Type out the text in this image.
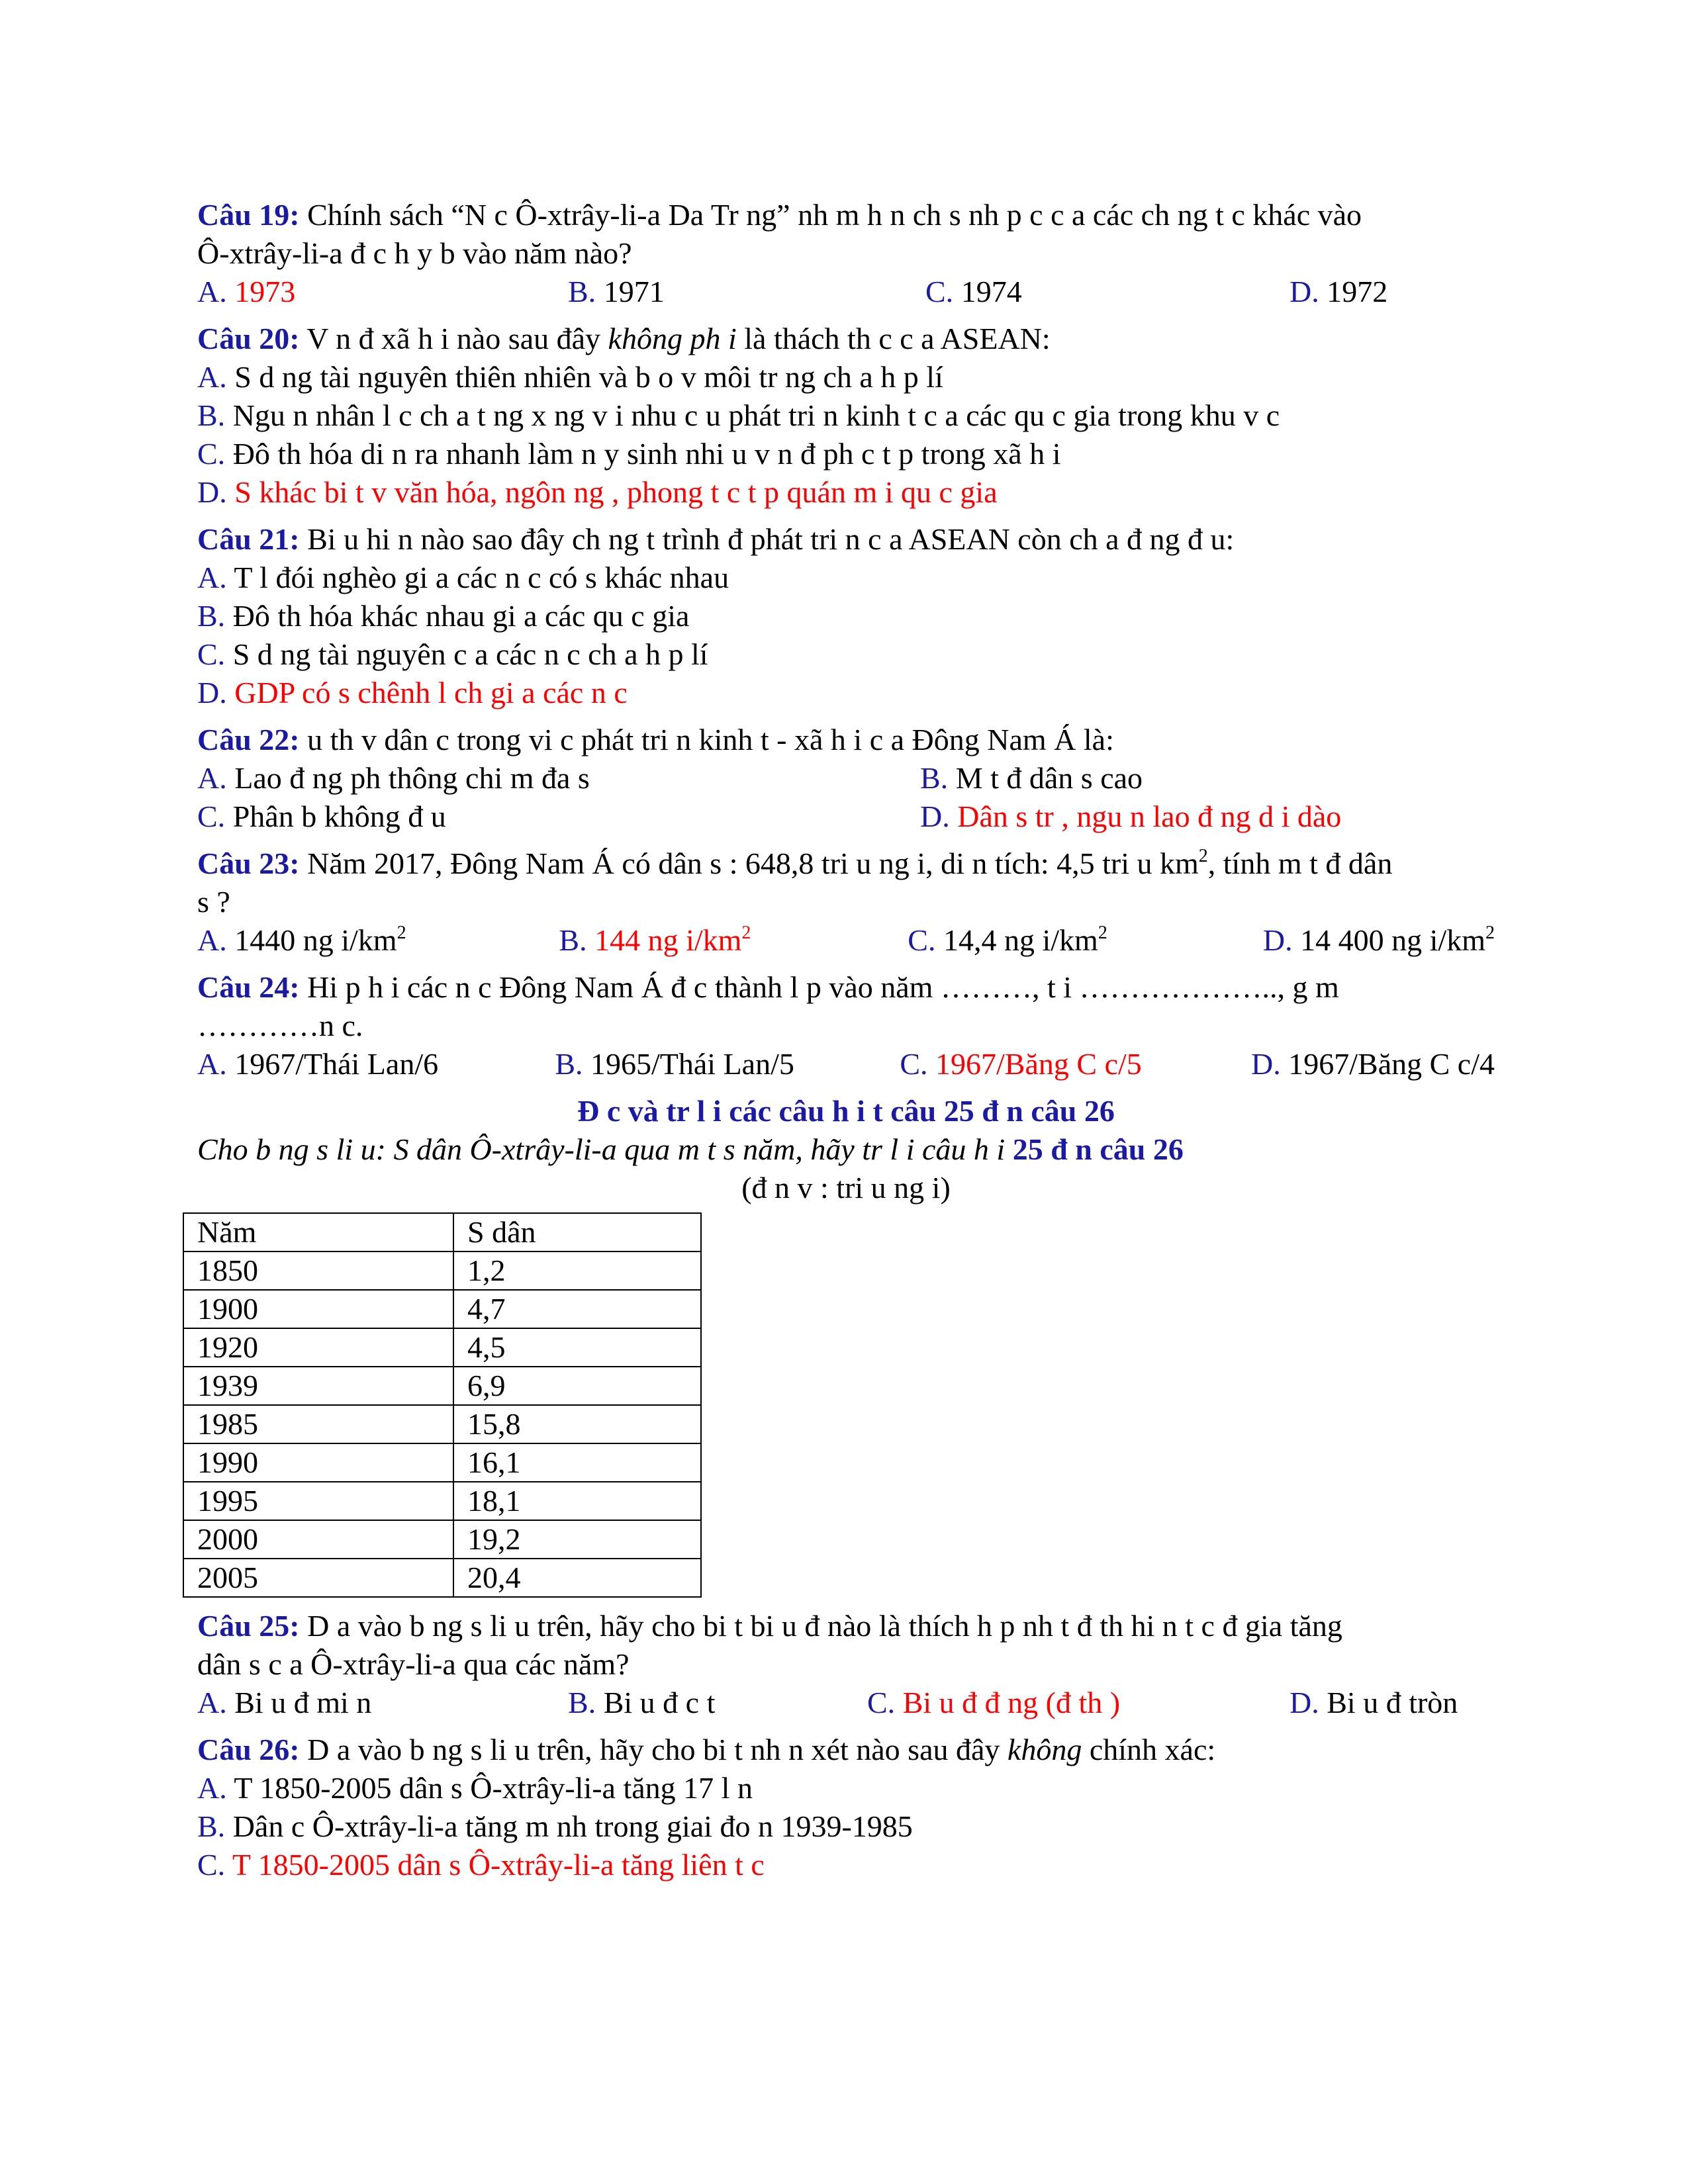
Câu 19: Chính sách “N c Ô-xtrây-li-a Da Tr ng” nh m h n ch s nh p c c a các ch ng t c khác vào
Ô-xtrây-li-a đ c h y b vào năm nào?
A. 1973	B. 1971	C. 1974	D. 1972
Câu 20: V n đ xã h i nào sau đây không ph i là thách th c c a ASEAN:
A. S d ng tài nguyên thiên nhiên và b o v môi tr ng ch a h p lí
B. Ngu n nhân l c ch a t ng x ng v i nhu c u phát tri n kinh t c a các qu c gia trong khu v c
C. Đô th hóa di n ra nhanh làm n y sinh nhi u v n đ ph c t p trong xã h i
D. S khác bi t v văn hóa, ngôn ng , phong t c t p quán m i qu c gia
Câu 21: Bi u hi n nào sao đây ch ng t trình đ phát tri n c a ASEAN còn ch a đ ng đ u:
A. T l đói nghèo gi a các n c có s khác nhau
B. Đô th hóa khác nhau gi a các qu c gia
C. S d ng tài nguyên c a các n c ch a h p lí
D. GDP có s chênh l ch gi a các n c
Câu 22: u th v dân c trong vi c phát tri n kinh t - xã h i c a Đông Nam Á là:
A. Lao đ ng ph thông chi m đa s	B. M t đ dân s cao
C. Phân b không đ u	D. Dân s tr , ngu n lao đ ng d i dào
Câu 23: Năm 2017, Đông Nam Á có dân s : 648,8 tri u ng i, di n tích: 4,5 tri u $km^2$, tính m t đ dân
s ?
A. 1440 ng $i/km^2$	B. 144 ng $i/km^2$	C. 14,4 ng $i/km^2$	D. 14 400 ng $i/km^2$
Câu 24: Hi p h i các n c Đông Nam Á đ c thành l p vào năm ………, t i ……………….., g m
…………n c.
A. 1967/Thái Lan/6	B. 1965/Thái Lan/5	C. 1967/Băng C c/5	D. 1967/Băng C c/4
Đ c và tr l i các câu h i t câu 25 đ n câu 26
Cho b ng s li u: S dân Ô-xtrây-li-a qua m t s năm, hãy tr l i câu h i 25 đ n câu 26
(đ n v : tri u ng i)
Năm	S dân
1850	1,2
1900	4,7
1920	4,5
1939	6,9
1985	15,8
1990	16,1
1995	18,1
2000	19,2
2005	20,4
Câu 25: D a vào b ng s li u trên, hãy cho bi t bi u đ nào là thích h p nh t đ th hi n t c đ gia tăng
dân s c a Ô-xtrây-li-a qua các năm?
A. Bi u đ mi n	B. Bi u đ c t	C. Bi u đ đ ng (đ th )	D. Bi u đ tròn
Câu 26: D a vào b ng s li u trên, hãy cho bi t nh n xét nào sau đây không chính xác:
A. T 1850-2005 dân s Ô-xtrây-li-a tăng 17 l n
B. Dân c Ô-xtrây-li-a tăng m nh trong giai đo n 1939-1985
C. T 1850-2005 dân s Ô-xtrây-li-a tăng liên t c
